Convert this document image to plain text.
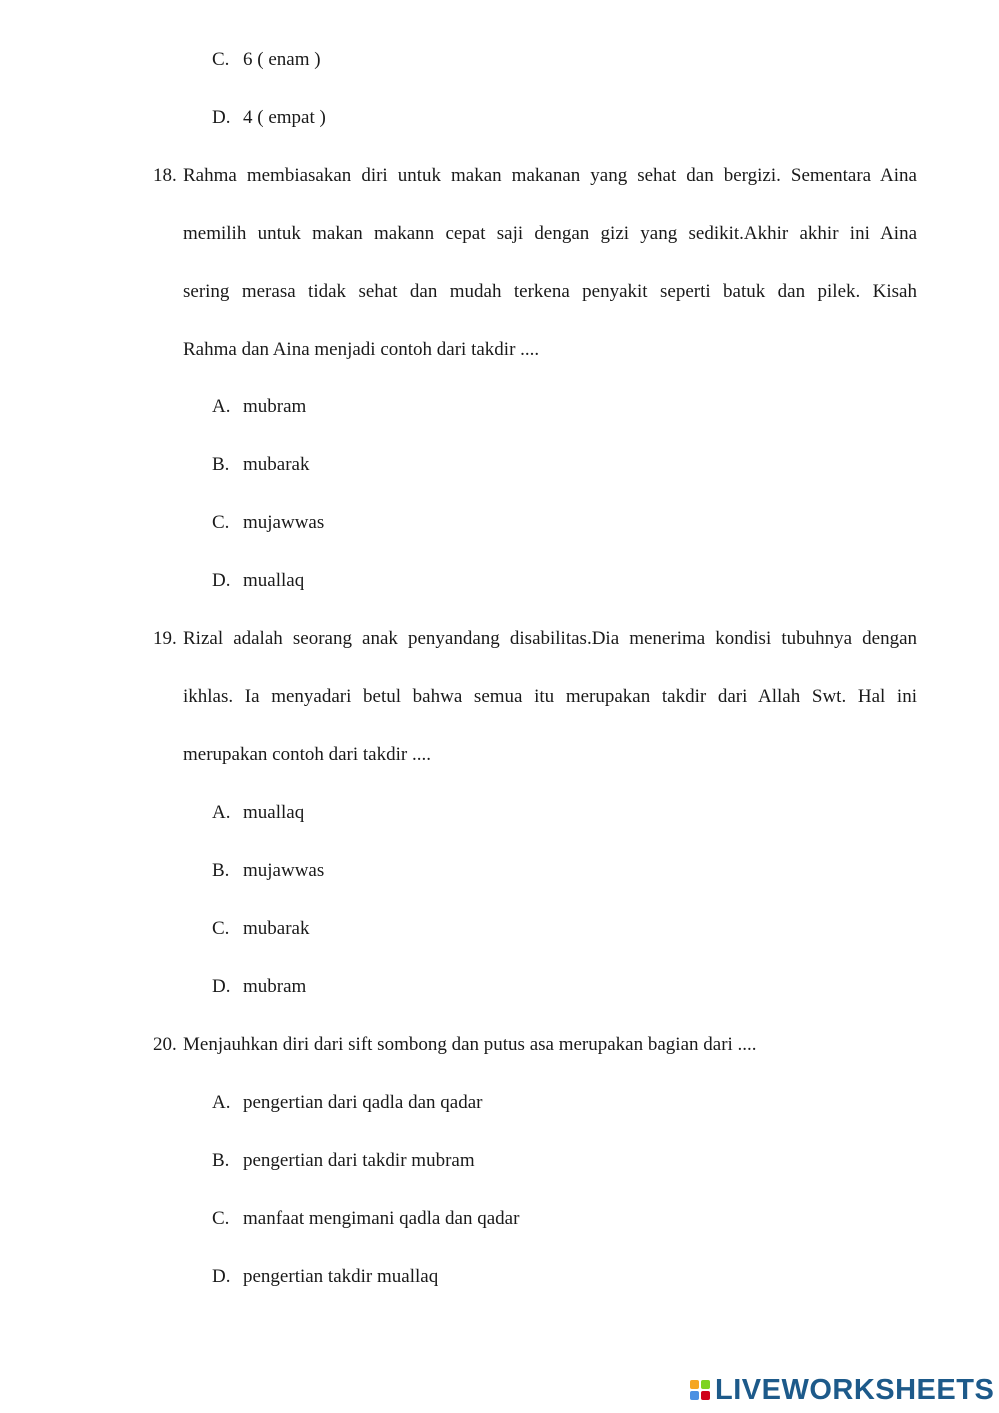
C. 6 ( enam )
D. 4 ( empat )
18. Rahma membiasakan diri untuk makan makanan yang sehat dan bergizi. Sementara Aina
memilih untuk makan makann cepat saji dengan gizi yang sedikit.Akhir akhir ini Aina
sering merasa tidak sehat dan mudah terkena penyakit seperti batuk dan pilek. Kisah
Rahma dan Aina menjadi contoh dari takdir ....
A. mubram
B. mubarak
C. mujawwas
D. muallaq
19. Rizal adalah seorang anak penyandang disabilitas.Dia menerima kondisi tubuhnya dengan
ikhlas. Ia menyadari betul bahwa semua itu merupakan takdir dari Allah Swt. Hal ini
merupakan contoh dari takdir ....
A. muallaq
B. mujawwas
C. mubarak
D. mubram
20. Menjauhkan diri dari sift sombong dan putus asa merupakan bagian dari ....
A. pengertian dari qadla dan qadar
B. pengertian dari takdir mubram
C. manfaat mengimani qadla dan qadar
D. pengertian takdir muallaq
LIVEWORKSHEETS
